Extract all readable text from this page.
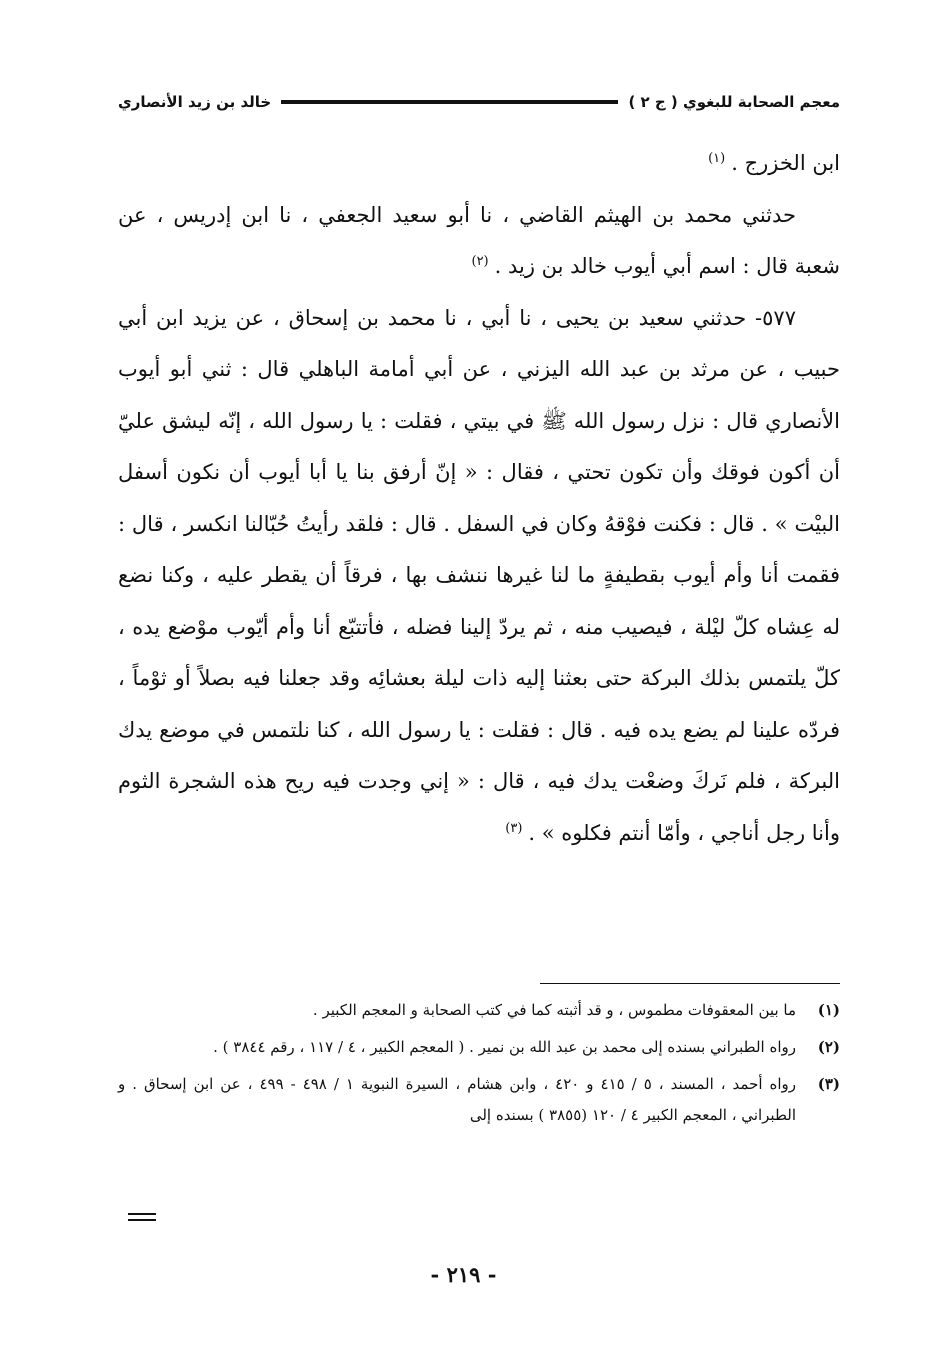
معجم الصحابة للبغوي ( ج ٢ )
خالد بن زيد الأنصاري

ابن الخزرج .$^{(١)}$

حدثني محمد بن الهيثم القاضي ، نا أبو سعيد الجعفي ، نا ابن إدريس ، عن شعبة قال : اسم أبي أيوب خالد بن زيد .$^{(٢)}$

٥٧٧- حدثني سعيد بن يحيى ، نا أبي ، نا محمد بن إسحاق ، عن يزيد ابن أبي حبيب ، عن مرثد بن عبد الله اليزني ، عن أبي أمامة الباهلي قال : ثني أبو أيوب الأنصاري قال : نزل رسول الله ﷺ في بيتي ، فقلت : يا رسول الله ، إنّه ليشق عليّ أن أكون فوقك وأن تكون تحتي ، فقال : « إنّ أرفق بنا يا أبا أيوب أن نكون أسفل البيْت » . قال : فكنت فوْقهُ وكان في السفل . قال : فلقد رأيتُ حُبّالنا انكسر ، قال : فقمت أنا وأم أيوب بقطيفةٍ ما لنا غيرها ننشف بها ، فرقاً أن يقطر عليه ، وكنا نضع له عِشاه كلّ ليْلة ، فيصيب منه ، ثم يردّ إلينا فضله ، فأتتبّع أنا وأم أيّوب موْضع يده ، كلّ يلتمس بذلك البركة حتى بعثنا إليه ذات ليلة بعشائِه وقد جعلنا فيه بصلاً أو ثوْماً ، فردّه علينا لم يضع يده فيه . قال : فقلت : يا رسول الله ، كنا نلتمس في موضع يدك البركة ، فلم نَركَ وضعْت يدك فيه ، قال : « إني وجدت فيه ريح هذه الشجرة الثوم وأنا رجل أناجي ، وأمّا أنتم فكلوه » .$^{(٣)}$

(١)
ما بين المعقوفات مطموس ، و قد أثبته كما في كتب الصحابة و المعجم الكبير .
(٢)
رواه الطبراني بسنده إلى محمد بن عبد الله بن نمير . ( المعجم الكبير ، ٤ / ١١٧ ، رقم ٣٨٤٤ ) .
(٣)
رواه أحمد ، المسند ، ٥ / ٤١٥ و ٤٢٠ ، وابن هشام ، السيرة النبوية ١ / ٤٩٨ - ٤٩٩ ، عن ابن إسحاق . و الطبراني ، المعجم الكبير ٤ / ١٢٠ (٣٨٥٥ ) بسنده إلى
- ٢١٩ -
